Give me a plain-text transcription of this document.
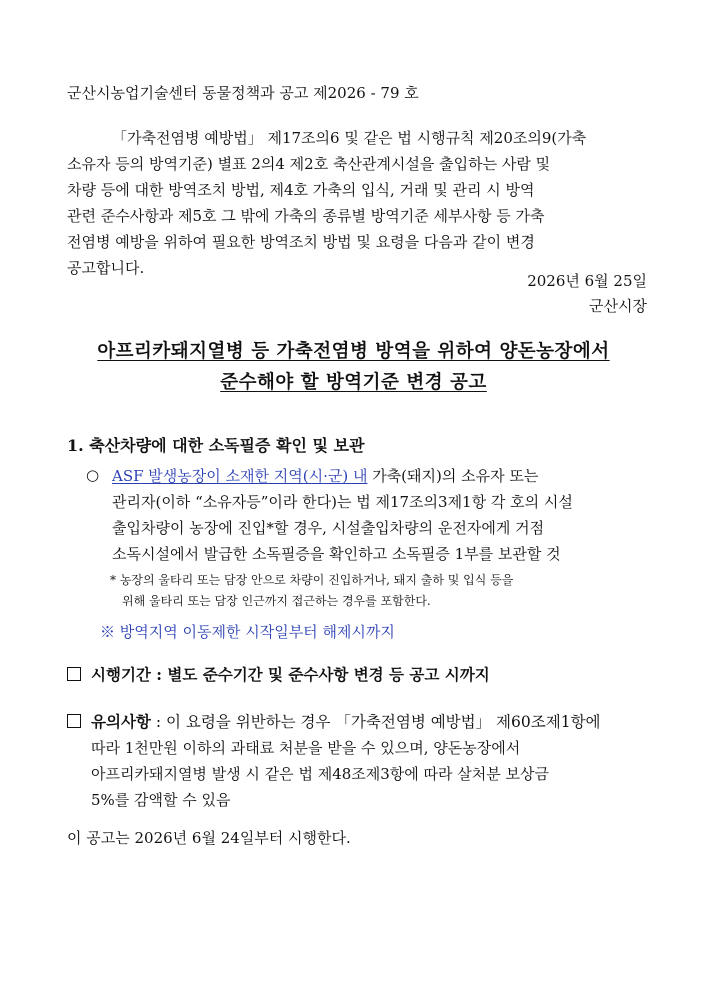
군산시농업기술센터 동물정책과 공고 제2026 - 79 호

「가축전염병 예방법」 제17조의6 및 같은 법 시행규칙 제20조의9(가축

소유자 등의 방역기준) 별표 2의4 제2호 축산관계시설을 출입하는 사람 및

차량 등에 대한 방역조치 방법, 제4호 가축의 입식, 거래 및 관리 시 방역

관련 준수사항과 제5호 그 밖에 가축의 종류별 방역기준 세부사항 등 가축

전염병 예방을 위하여 필요한 방역조치 방법 및 요령을 다음과 같이 변경

공고합니다.

2026년 6월 25일
군산시장
아프리카돼지열병 등 가축전염병 방역을 위하여 양돈농장에서
준수해야 할 방역기준 변경 공고
1. 축산차량에 대한 소독필증 확인 및 보관
○ ASF 발생농장이 소재한 지역(시·군) 내 가축(돼지)의 소유자 또는
관리자(이하 “소유자등”이라 한다)는 법 제17조의3제1항 각 호의 시설
출입차량이 농장에 진입*할 경우, 시설출입차량의 운전자에게 거점
소독시설에서 발급한 소독필증을 확인하고 소독필증 1부를 보관할 것
* 농장의 울타리 또는 담장 안으로 차량이 진입하거나, 돼지 출하 및 입식 등을
위해 울타리 또는 담장 인근까지 접근하는 경우를 포함한다.
※ 방역지역 이동제한 시작일부터 해제시까지
시행기간 : 별도 준수기간 및 준수사항 변경 등 공고 시까지
유의사항 : 이 요령을 위반하는 경우 「가축전염병 예방법」 제60조제1항에
따라 1천만원 이하의 과태료 처분을 받을 수 있으며, 양돈농장에서
아프리카돼지열병 발생 시 같은 법 제48조제3항에 따라 살처분 보상금
5%를 감액할 수 있음
이 공고는 2026년 6월 24일부터 시행한다.
